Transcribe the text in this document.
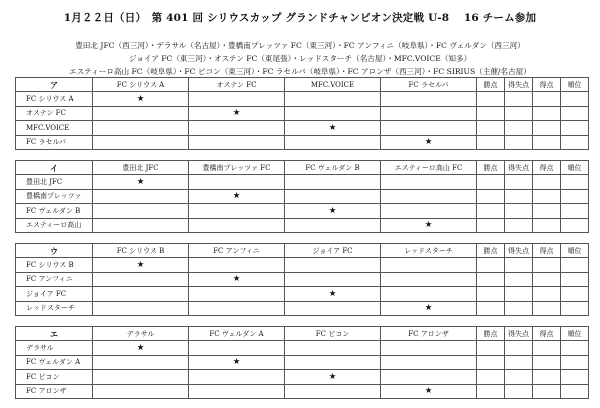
1月２２日（日）　第 401 回 シリウスカップ グランドチャンピオン決定戦 U-8　 16 チーム参加
豊田北 JFC（西三河）・デラサル（名古屋）・豊橋南プレッツァ FC（東三河）・FC アンフィニ（岐阜県）・FC ヴェルダン（西三河）
ジョイア FC（東三河）・オステン FC（東尾張）・レッドスターチ（名古屋）・MFC.VOICE（知多）
エスティーロ高山 FC（岐阜県）・FC ピコン（東三河）・FC ラセルバ（岐阜県）・FC アロンザ（西三河）・FC SIRIUS（主催/名古屋）
ア	FC シリウス A	オステン FC	MFC.VOICE	FC ラセルバ	勝点	得失点	得点	順位
FC シリウス A	★							
オステン FC		★						
MFC.VOICE			★					
FC ラセルバ				★				
イ	豊田北 JFC	豊橋南プレッツァ FC	FC ヴェルダン B	エスティーロ高山 FC	勝点	得失点	得点	順位
豊田北 JFC	★							
豊橋南プレッツァ		★						
FC ヴェルダン B			★					
エスティーロ高山				★				
ウ	FC シリウス B	FC アンフィニ	ジョイア FC	レッドスターチ	勝点	得失点	得点	順位
FC シリウス B	★							
FC アンフィニ		★						
ジョイア FC			★					
レッドスターチ				★				
エ	デラサル	FC ヴェルダン A	FC ピコン	FC アロンザ	勝点	得失点	得点	順位
デラサル	★							
FC ヴェルダン A		★						
FC ピコン			★					
FC アロンザ				★				
